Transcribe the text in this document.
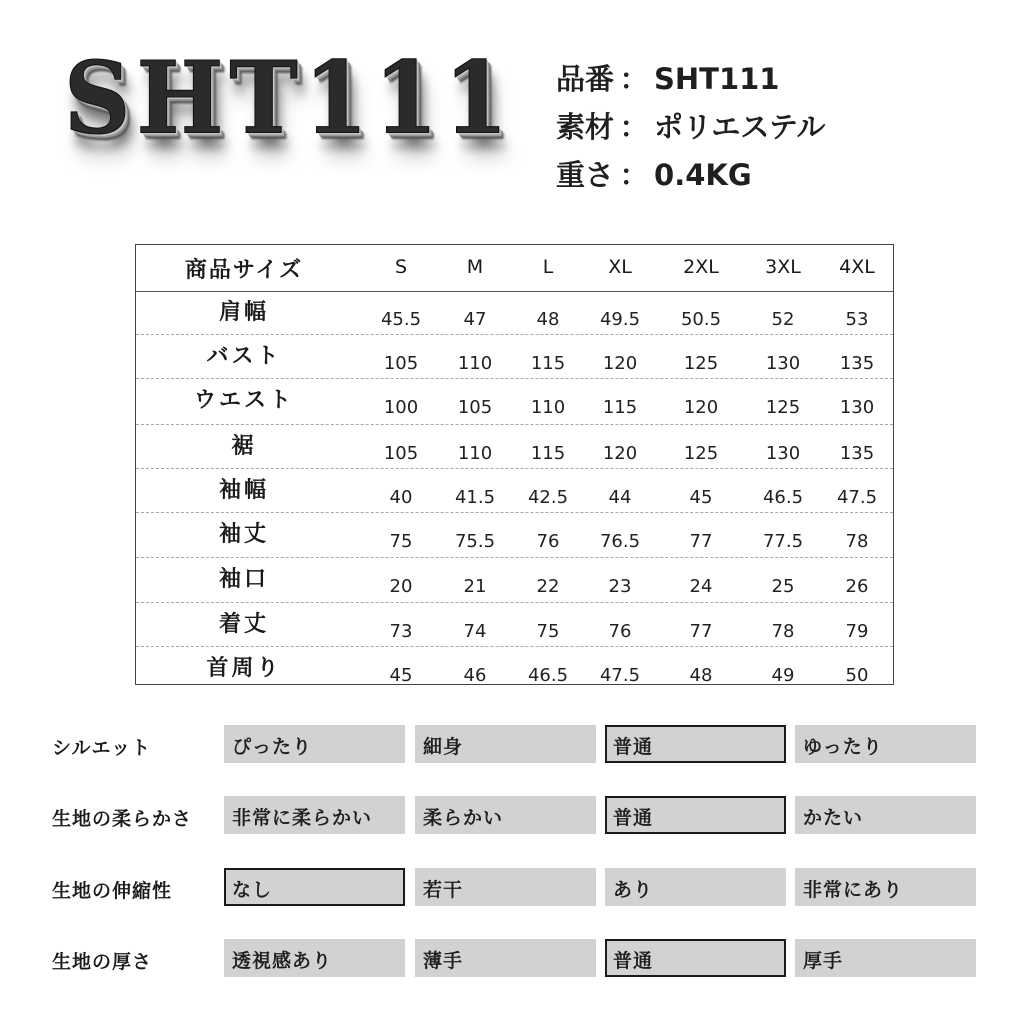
SHT111 品番 ： SHT111
素材 ： ポリエステル
重さ ： 0.4KG
商品サイズ	S	M	L	XL	2XL	3XL	4XL
肩幅	45.5	47	48	49.5	50.5	52	53
バスト	105	110	115	120	125	130	135
ウエスト	100	105	110	115	120	125	130
裾	105	110	115	120	125	130	135
袖幅	40	41.5	42.5	44	45	46.5	47.5
袖丈	75	75.5	76	76.5	77	77.5	78
袖口	20	21	22	23	24	25	26
着丈	73	74	75	76	77	78	79
首周り	45	46	46.5	47.5	48	49	50
シルエット	ぴったり	細身	普通	ゆったり
生地の柔らかさ	非常に柔らかい	柔らかい	普通	かたい
生地の伸縮性	なし	若干	あり	非常にあり
生地の厚さ	透視感あり	薄手	普通	厚手
